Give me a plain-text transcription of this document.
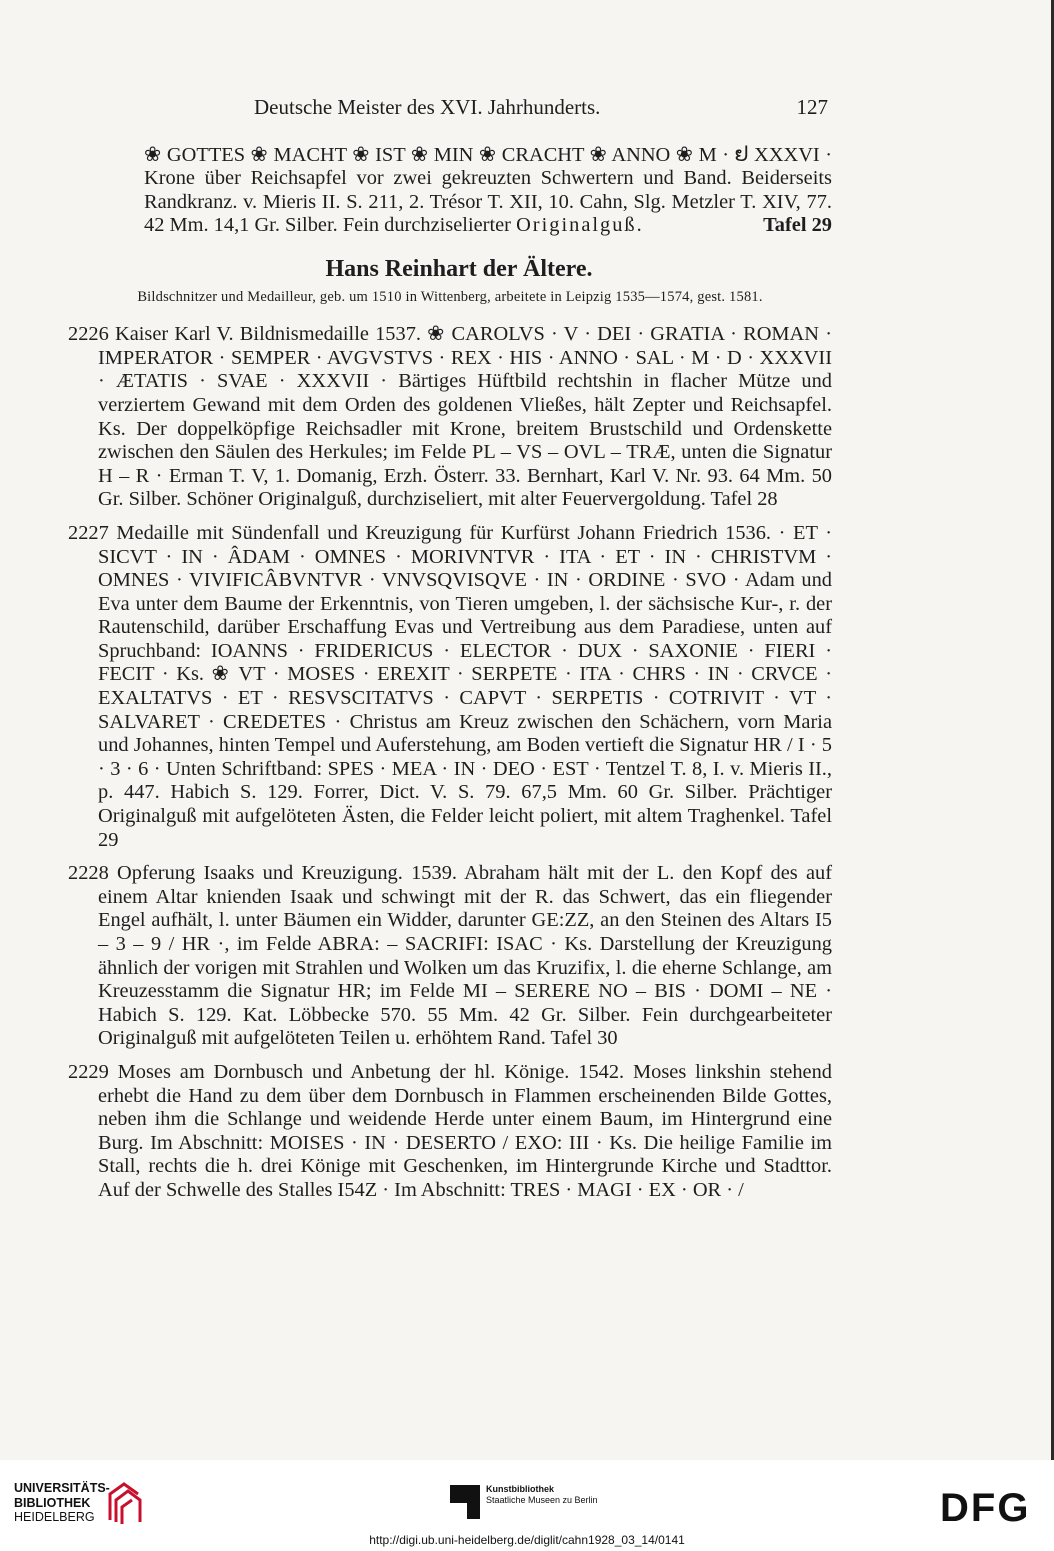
Deutsche Meister des XVI. Jahrhunderts.	127
❀ GOTTES ❀ MACHT ❀ IST ❀ MIN ❀ CRACHT ❀ ANNO ❀ M · ຢ XXXVI · Krone über Reichsapfel vor zwei gekreuzten Schwertern und Band. Beiderseits Randkranz. v. Mieris II. S. 211, 2. Trésor T. XII, 10. Cahn, Slg. Metzler T. XIV, 77. 42 Mm. 14,1 Gr. Silber. Fein durchziselierter Originalguß.	Tafel 29
Hans Reinhart der Ältere.
Bildschnitzer und Medailleur, geb. um 1510 in Wittenberg, arbeitete in Leipzig 1535—1574, gest. 1581.
2226 Kaiser Karl V. Bildnismedaille 1537. ❀ CAROLVS · V · DEI · GRATIA · ROMAN · IMPERATOR · SEMPER · AVGVSTVS · REX · HIS · ANNO · SAL · M · D · XXXVII · ÆTATIS · SVAE · XXXVII · Bärtiges Hüftbild rechtshin in flacher Mütze und verziertem Gewand mit dem Orden des goldenen Vließes, hält Zepter und Reichsapfel. Ks. Der doppelköpfige Reichsadler mit Krone, breitem Brustschild und Ordenskette zwischen den Säulen des Herkules; im Felde PL – VS – OVL – TRÆ, unten die Signatur H – R · Erman T. V, 1. Domanig, Erzh. Österr. 33. Bernhart, Karl V. Nr. 93. 64 Mm. 50 Gr. Silber. Schöner Originalguß, durchziseliert, mit alter Feuervergoldung. Tafel 28
2227 Medaille mit Sündenfall und Kreuzigung für Kurfürst Johann Friedrich 1536. · ET · SICVT · IN · ÂDAM · OMNES · MORIVNTVR · ITA · ET · IN · CHRISTVM · OMNES · VIVIFICÂBVNTVR · VNVSQVISQVE · IN · ORDINE · SVO · Adam und Eva unter dem Baume der Erkenntnis, von Tieren umgeben, l. der sächsische Kur-, r. der Rautenschild, darüber Erschaffung Evas und Vertreibung aus dem Paradiese, unten auf Spruchband: IOANNS · FRIDERICUS · ELECTOR · DUX · SAXONIE · FIERI · FECIT · Ks. ❀ VT · MOSES · EREXIT · SERPETE · ITA · CHRS · IN · CRVCE · EXALTATVS · ET · RESVSCITATVS · CAPVT · SERPETIS · COTRIVIT · VT · SALVARET · CREDETES · Christus am Kreuz zwischen den Schächern, vorn Maria und Johannes, hinten Tempel und Auferstehung, am Boden vertieft die Signatur HR / I · 5 · 3 · 6 · Unten Schriftband: SPES · MEA · IN · DEO · EST · Tentzel T. 8, I. v. Mieris II., p. 447. Habich S. 129. Forrer, Dict. V. S. 79. 67,5 Mm. 60 Gr. Silber. Prächtiger Originalguß mit aufgelöteten Ästen, die Felder leicht poliert, mit altem Traghenkel. Tafel 29
2228 Opferung Isaaks und Kreuzigung. 1539. Abraham hält mit der L. den Kopf des auf einem Altar knienden Isaak und schwingt mit der R. das Schwert, das ein fliegender Engel aufhält, l. unter Bäumen ein Widder, darunter GE:ZZ, an den Steinen des Altars I5 – 3 – 9 / HR ·, im Felde ABRA: – SACRIFI: ISAC · Ks. Darstellung der Kreuzigung ähnlich der vorigen mit Strahlen und Wolken um das Kruzifix, l. die eherne Schlange, am Kreuzesstamm die Signatur HR; im Felde MI – SERERE NO – BIS · DOMI – NE · Habich S. 129. Kat. Löbbecke 570. 55 Mm. 42 Gr. Silber. Fein durchgearbeiteter Originalguß mit aufgelöteten Teilen u. erhöhtem Rand. Tafel 30
2229 Moses am Dornbusch und Anbetung der hl. Könige. 1542. Moses linkshin stehend erhebt die Hand zu dem über dem Dornbusch in Flammen erscheinenden Bilde Gottes, neben ihm die Schlange und weidende Herde unter einem Baum, im Hintergrund eine Burg. Im Abschnitt: MOISES · IN · DESERTO / EXO: III · Ks. Die heilige Familie im Stall, rechts die h. drei Könige mit Geschenken, im Hintergrunde Kirche und Stadttor. Auf der Schwelle des Stalles I54Z · Im Abschnitt: TRES · MAGI · EX · OR · /
UNIVERSITÄTS-
BIBLIOTHEK
HEIDELBERG
Kunstbibliothek
Staatliche Museen zu Berlin	DFG
http://digi.ub.uni-heidelberg.de/diglit/cahn1928_03_14/0141
